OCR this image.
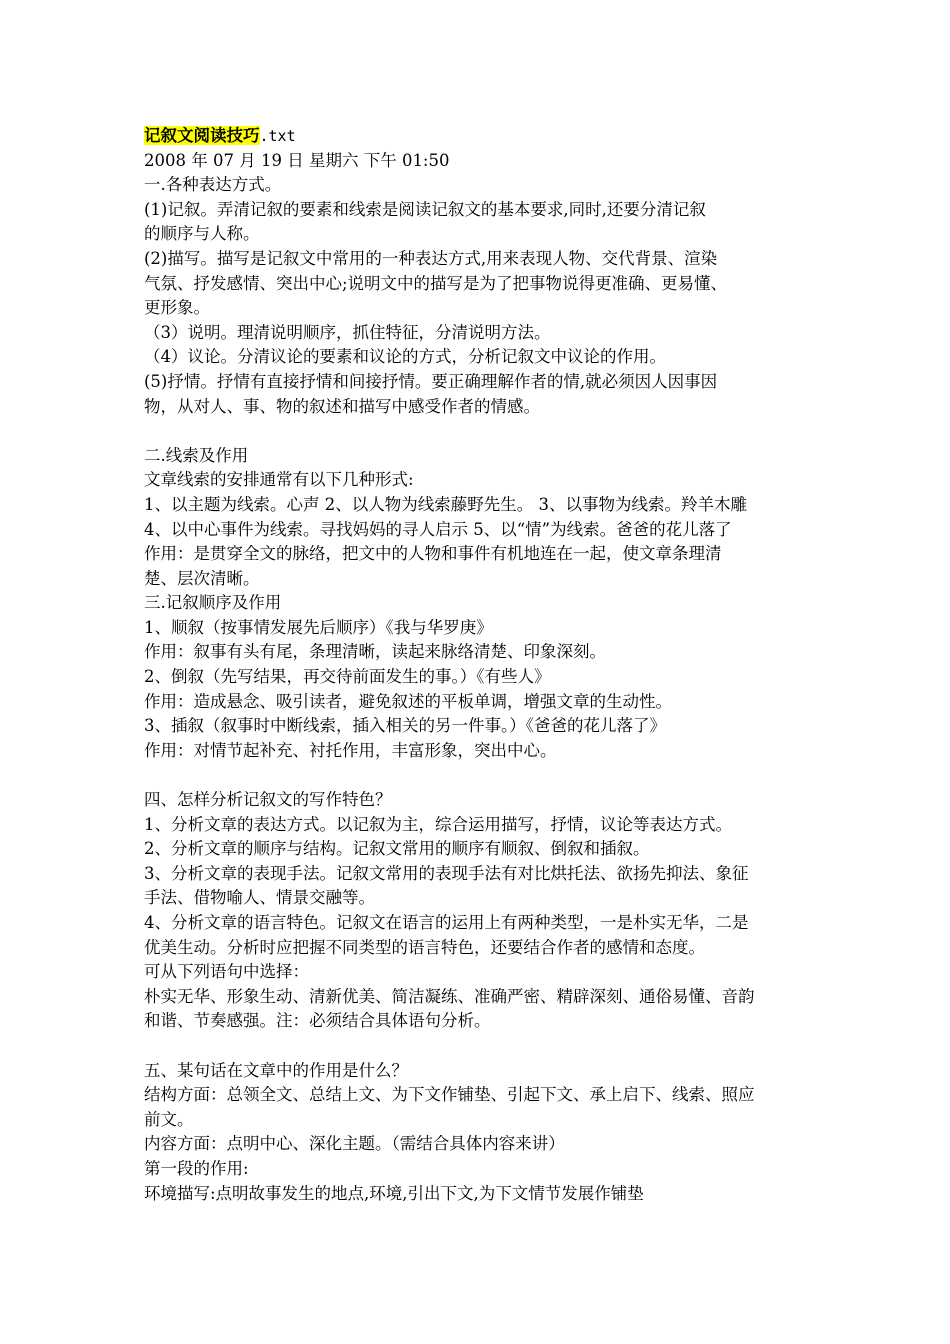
记叙文阅读技巧.txt
2008 年 07 月 19 日 星期六 下午 01:50
一.各种表达方式。
(1)记叙。弄清记叙的要素和线索是阅读记叙文的基本要求,同时,还要分清记叙
的顺序与人称。
(2)描写。描写是记叙文中常用的一种表达方式,用来表现人物、交代背景、渲染
气氛、抒发感情、突出中心;说明文中的描写是为了把事物说得更准确、更易懂、
更形象。
（3）说明。理清说明顺序，抓住特征，分清说明方法。
（4）议论。分清议论的要素和议论的方式，分析记叙文中议论的作用。
(5)抒情。抒情有直接抒情和间接抒情。要正确理解作者的情,就必须因人因事因
物，从对人、事、物的叙述和描写中感受作者的情感。
二.线索及作用
文章线索的安排通常有以下几种形式:
1、以主题为线索。心声 2、以人物为线索藤野先生。 3、以事物为线索。羚羊木雕
4、以中心事件为线索。寻找妈妈的寻人启示 5、以“情”为线索。爸爸的花儿落了
作用：是贯穿全文的脉络，把文中的人物和事件有机地连在一起，使文章条理清
楚、层次清晰。
三.记叙顺序及作用
1、顺叙（按事情发展先后顺序）《我与华罗庚》
作用：叙事有头有尾，条理清晰，读起来脉络清楚、印象深刻。
2、倒叙（先写结果，再交待前面发生的事。）《有些人》
作用：造成悬念、吸引读者，避免叙述的平板单调，增强文章的生动性。
3、插叙（叙事时中断线索，插入相关的另一件事。）《爸爸的花儿落了》
作用：对情节起补充、衬托作用，丰富形象，突出中心。
四、怎样分析记叙文的写作特色？
1、分析文章的表达方式。以记叙为主，综合运用描写，抒情，议论等表达方式。
2、分析文章的顺序与结构。记叙文常用的顺序有顺叙、倒叙和插叙。
3、分析文章的表现手法。记叙文常用的表现手法有对比烘托法、欲扬先抑法、象征
手法、借物喻人、情景交融等。
4、分析文章的语言特色。记叙文在语言的运用上有两种类型，一是朴实无华，二是
优美生动。分析时应把握不同类型的语言特色，还要结合作者的感情和态度。
可从下列语句中选择：
朴实无华、形象生动、清新优美、简洁凝练、准确严密、精辟深刻、通俗易懂、音韵
和谐、节奏感强。注：必须结合具体语句分析。
五、某句话在文章中的作用是什么？
结构方面：总领全文、总结上文、为下文作铺垫、引起下文、承上启下、线索、照应
前文。
内容方面：点明中心、深化主题。（需结合具体内容来讲）
第一段的作用:
环境描写:点明故事发生的地点,环境,引出下文,为下文情节发展作铺垫
